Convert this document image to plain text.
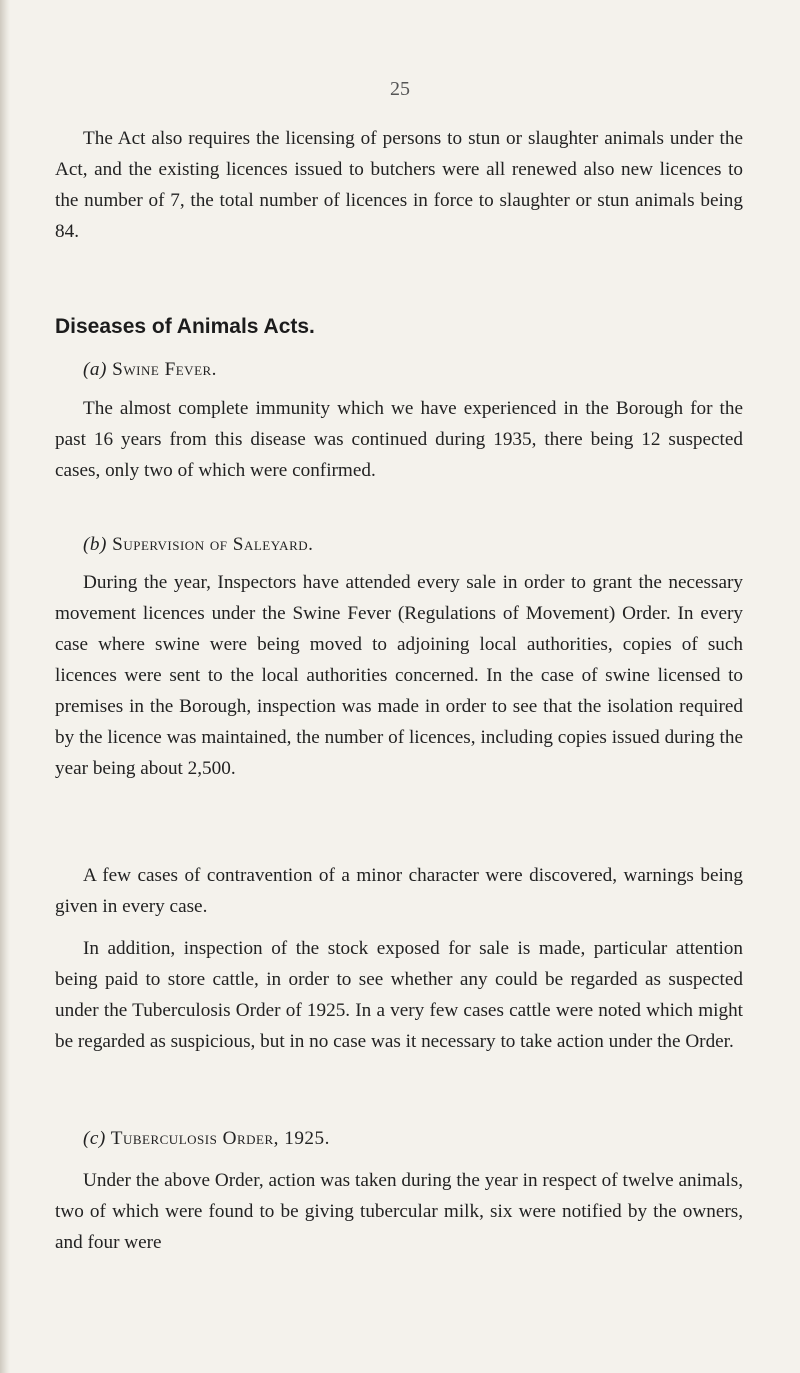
25

The Act also requires the licensing of persons to stun or slaughter animals under the Act, and the existing licences issued to butchers were all renewed also new licences to the number of 7, the total number of licences in force to slaughter or stun animals being 84.

Diseases of Animals Acts.
(a) Swine Fever.

The almost complete immunity which we have experienced in the Borough for the past 16 years from this disease was continued during 1935, there being 12 suspected cases, only two of which were confirmed.

(b) Supervision of Saleyard.

During the year, Inspectors have attended every sale in order to grant the necessary movement licences under the Swine Fever (Regulations of Movement) Order. In every case where swine were being moved to adjoining local authorities, copies of such licences were sent to the local authorities concerned. In the case of swine licensed to premises in the Borough, inspection was made in order to see that the isolation required by the licence was maintained, the number of licences, including copies issued during the year being about 2,500.

A few cases of contravention of a minor character were discovered, warnings being given in every case.

In addition, inspection of the stock exposed for sale is made, particular attention being paid to store cattle, in order to see whether any could be regarded as suspected under the Tuberculosis Order of 1925. In a very few cases cattle were noted which might be regarded as suspicious, but in no case was it necessary to take action under the Order.

(c) Tuberculosis Order, 1925.

Under the above Order, action was taken during the year in respect of twelve animals, two of which were found to be giving tubercular milk, six were notified by the owners, and four were
